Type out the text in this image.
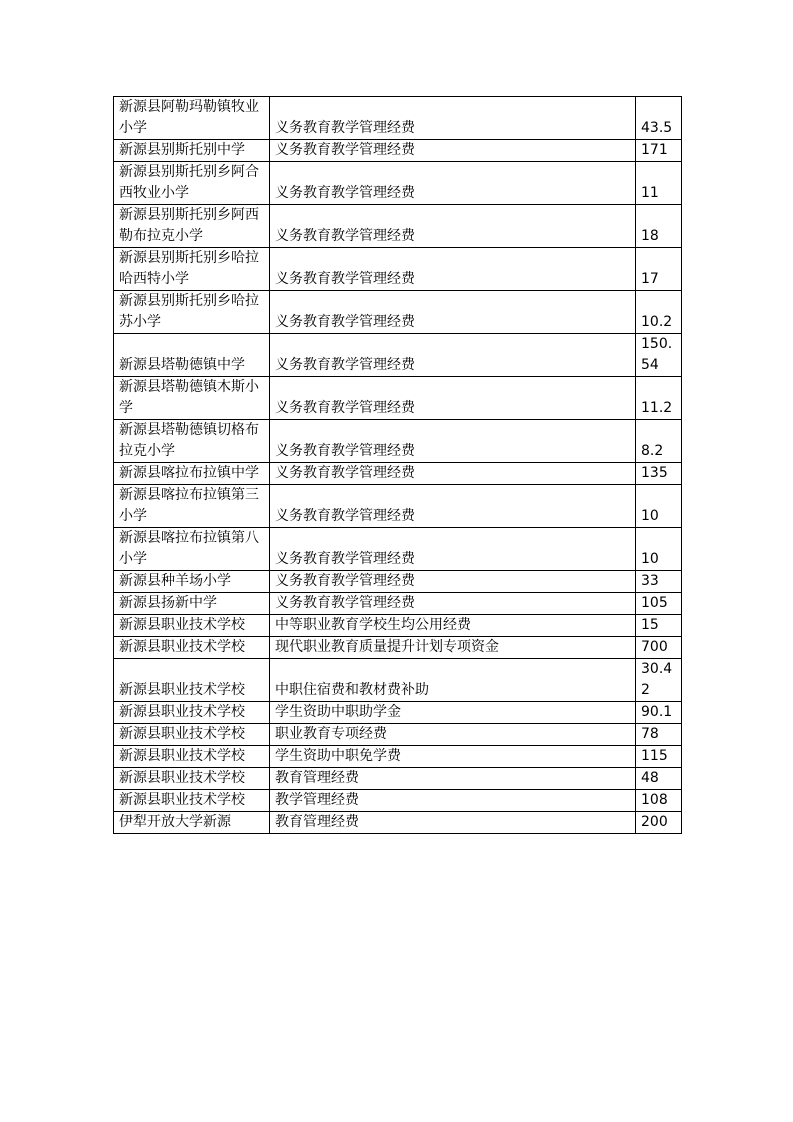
新源县阿勒玛勒镇牧业小学	义务教育教学管理经费	43.5
新源县别斯托别中学	义务教育教学管理经费	171
新源县别斯托别乡阿合西牧业小学	义务教育教学管理经费	11
新源县别斯托别乡阿西勒布拉克小学	义务教育教学管理经费	18
新源县别斯托别乡哈拉哈西特小学	义务教育教学管理经费	17
新源县别斯托别乡哈拉苏小学	义务教育教学管理经费	10.2
新源县塔勒德镇中学	义务教育教学管理经费	150.54
新源县塔勒德镇木斯小学	义务教育教学管理经费	11.2
新源县塔勒德镇切格布拉克小学	义务教育教学管理经费	8.2
新源县喀拉布拉镇中学	义务教育教学管理经费	135
新源县喀拉布拉镇第三小学	义务教育教学管理经费	10
新源县喀拉布拉镇第八小学	义务教育教学管理经费	10
新源县种羊场小学	义务教育教学管理经费	33
新源县扬新中学	义务教育教学管理经费	105
新源县职业技术学校	中等职业教育学校生均公用经费	15
新源县职业技术学校	现代职业教育质量提升计划专项资金	700
新源县职业技术学校	中职住宿费和教材费补助	30.42
新源县职业技术学校	学生资助中职助学金	90.1
新源县职业技术学校	职业教育专项经费	78
新源县职业技术学校	学生资助中职免学费	115
新源县职业技术学校	教育管理经费	48
新源县职业技术学校	教学管理经费	108
伊犁开放大学新源	教育管理经费	200
